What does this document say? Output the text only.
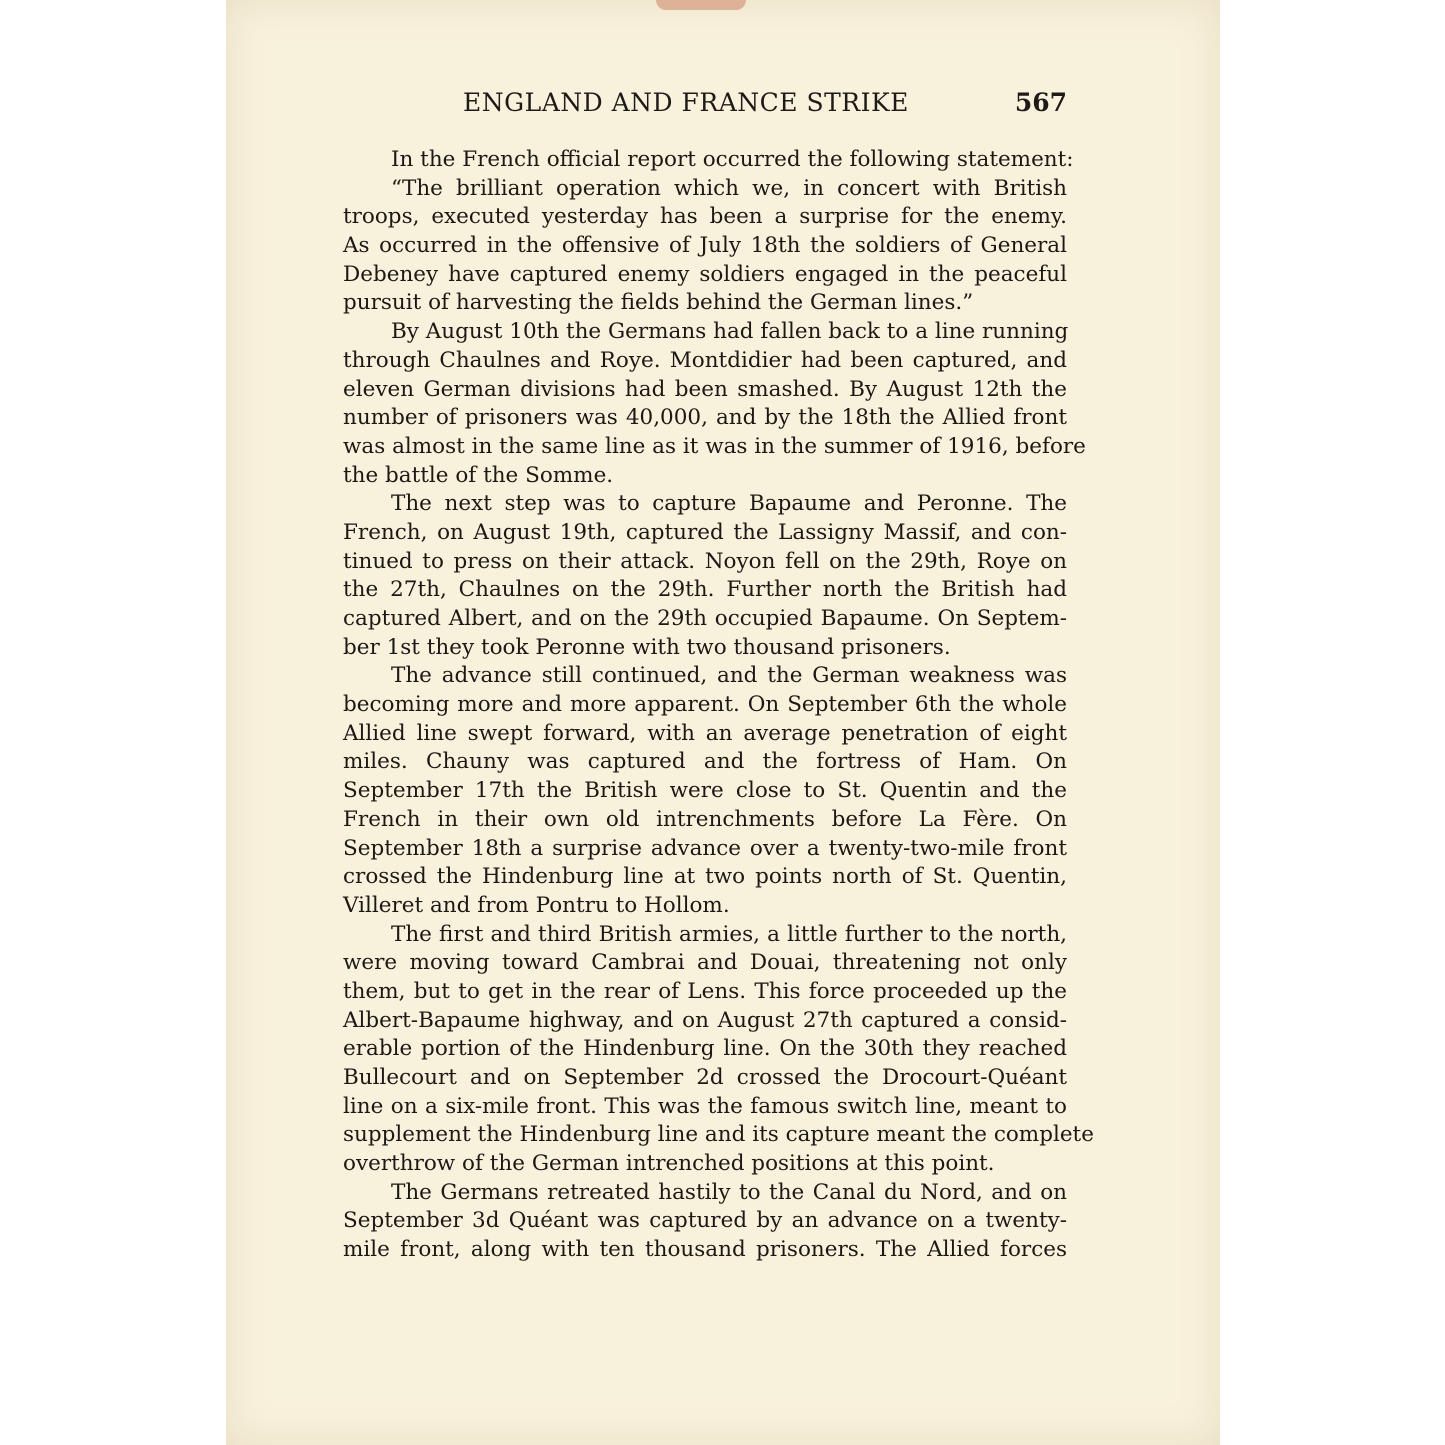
ENGLAND AND FRANCE STRIKE	567
In the French official report occurred the following statement:
“The brilliant operation which we, in concert with British
troops, executed yesterday has been a surprise for the enemy.
As occurred in the offensive of July 18th the soldiers of General
Debeney have captured enemy soldiers engaged in the peaceful
pursuit of harvesting the fields behind the German lines.”
By August 10th the Germans had fallen back to a line running
through Chaulnes and Roye. Montdidier had been captured, and
eleven German divisions had been smashed. By August 12th the
number of prisoners was 40,000, and by the 18th the Allied front
was almost in the same line as it was in the summer of 1916, before
the battle of the Somme.
The next step was to capture Bapaume and Peronne. The
French, on August 19th, captured the Lassigny Massif, and con-
tinued to press on their attack. Noyon fell on the 29th, Roye on
the 27th, Chaulnes on the 29th. Further north the British had
captured Albert, and on the 29th occupied Bapaume. On Septem-
ber 1st they took Peronne with two thousand prisoners.
The advance still continued, and the German weakness was
becoming more and more apparent. On September 6th the whole
Allied line swept forward, with an average penetration of eight
miles. Chauny was captured and the fortress of Ham. On
September 17th the British were close to St. Quentin and the
French in their own old intrenchments before La Fère. On
September 18th a surprise advance over a twenty-two-mile front
crossed the Hindenburg line at two points north of St. Quentin,
Villeret and from Pontru to Hollom.
The first and third British armies, a little further to the north,
were moving toward Cambrai and Douai, threatening not only
them, but to get in the rear of Lens. This force proceeded up the
Albert-Bapaume highway, and on August 27th captured a consid-
erable portion of the Hindenburg line. On the 30th they reached
Bullecourt and on September 2d crossed the Drocourt-Quéant
line on a six-mile front. This was the famous switch line, meant to
supplement the Hindenburg line and its capture meant the complete
overthrow of the German intrenched positions at this point.
The Germans retreated hastily to the Canal du Nord, and on
September 3d Quéant was captured by an advance on a twenty-
mile front, along with ten thousand prisoners. The Allied forces
